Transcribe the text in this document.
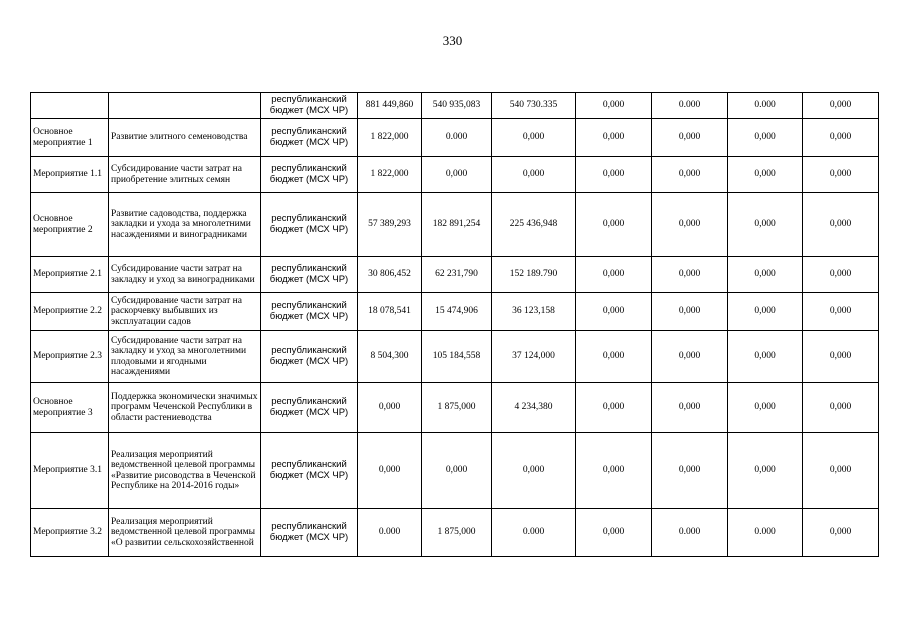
330
		республиканский бюджет (МСХ ЧР)	881 449,860	540 935,083	540 730.335	0,000	0.000	0.000	0,000
Основное мероприятие 1	Развитие элитного семеноводства	республиканский бюджет (МСХ ЧР)	1 822,000	0.000	0,000	0,000	0,000	0,000	0,000
Мероприятие 1.1	Субсидирование части затрат на приобретение элитных семян	республиканский бюджет (МСХ ЧР)	1 822,000	0,000	0,000	0,000	0,000	0,000	0,000
Основное мероприятие 2	Развитие садоводства, поддержка закладки и ухода за многолетними насаждениями и виноградниками	республиканский бюджет (МСХ ЧР)	57 389,293	182 891,254	225 436,948	0,000	0,000	0,000	0,000
Мероприятие 2.1	Субсидирование части затрат на закладку и уход за виноградниками	республиканский бюджет (МСХ ЧР)	30 806,452	62 231,790	152 189.790	0,000	0,000	0,000	0,000
Мероприятие 2.2	Субсидирование части затрат на раскорчевку выбывших из эксплуатации садов	республиканский бюджет (МСХ ЧР)	18 078,541	15 474,906	36 123,158	0,000	0,000	0,000	0,000
Мероприятие 2.3	Субсидирование части затрат на закладку и уход за многолетними плодовыми и ягодными насаждениями	республиканский бюджет (МСХ ЧР)	8 504,300	105 184,558	37 124,000	0,000	0,000	0,000	0,000
Основное мероприятие 3	Поддержка экономически значимых программ Чеченской Республики в области растениеводства	республиканский бюджет (МСХ ЧР)	0,000	1 875,000	4 234,380	0,000	0,000	0,000	0,000
Мероприятие 3.1	Реализация мероприятий ведомственной целевой программы «Развитие рисоводства в Чеченской Республике на 2014-2016 годы»	республиканский бюджет (МСХ ЧР)	0,000	0,000	0,000	0,000	0,000	0,000	0,000
Мероприятие 3.2	Реализация мероприятий ведомственной целевой программы «О развитии сельскохозяйственной	республиканский бюджет (МСХ ЧР)	0.000	1 875,000	0.000	0,000	0.000	0.000	0,000
